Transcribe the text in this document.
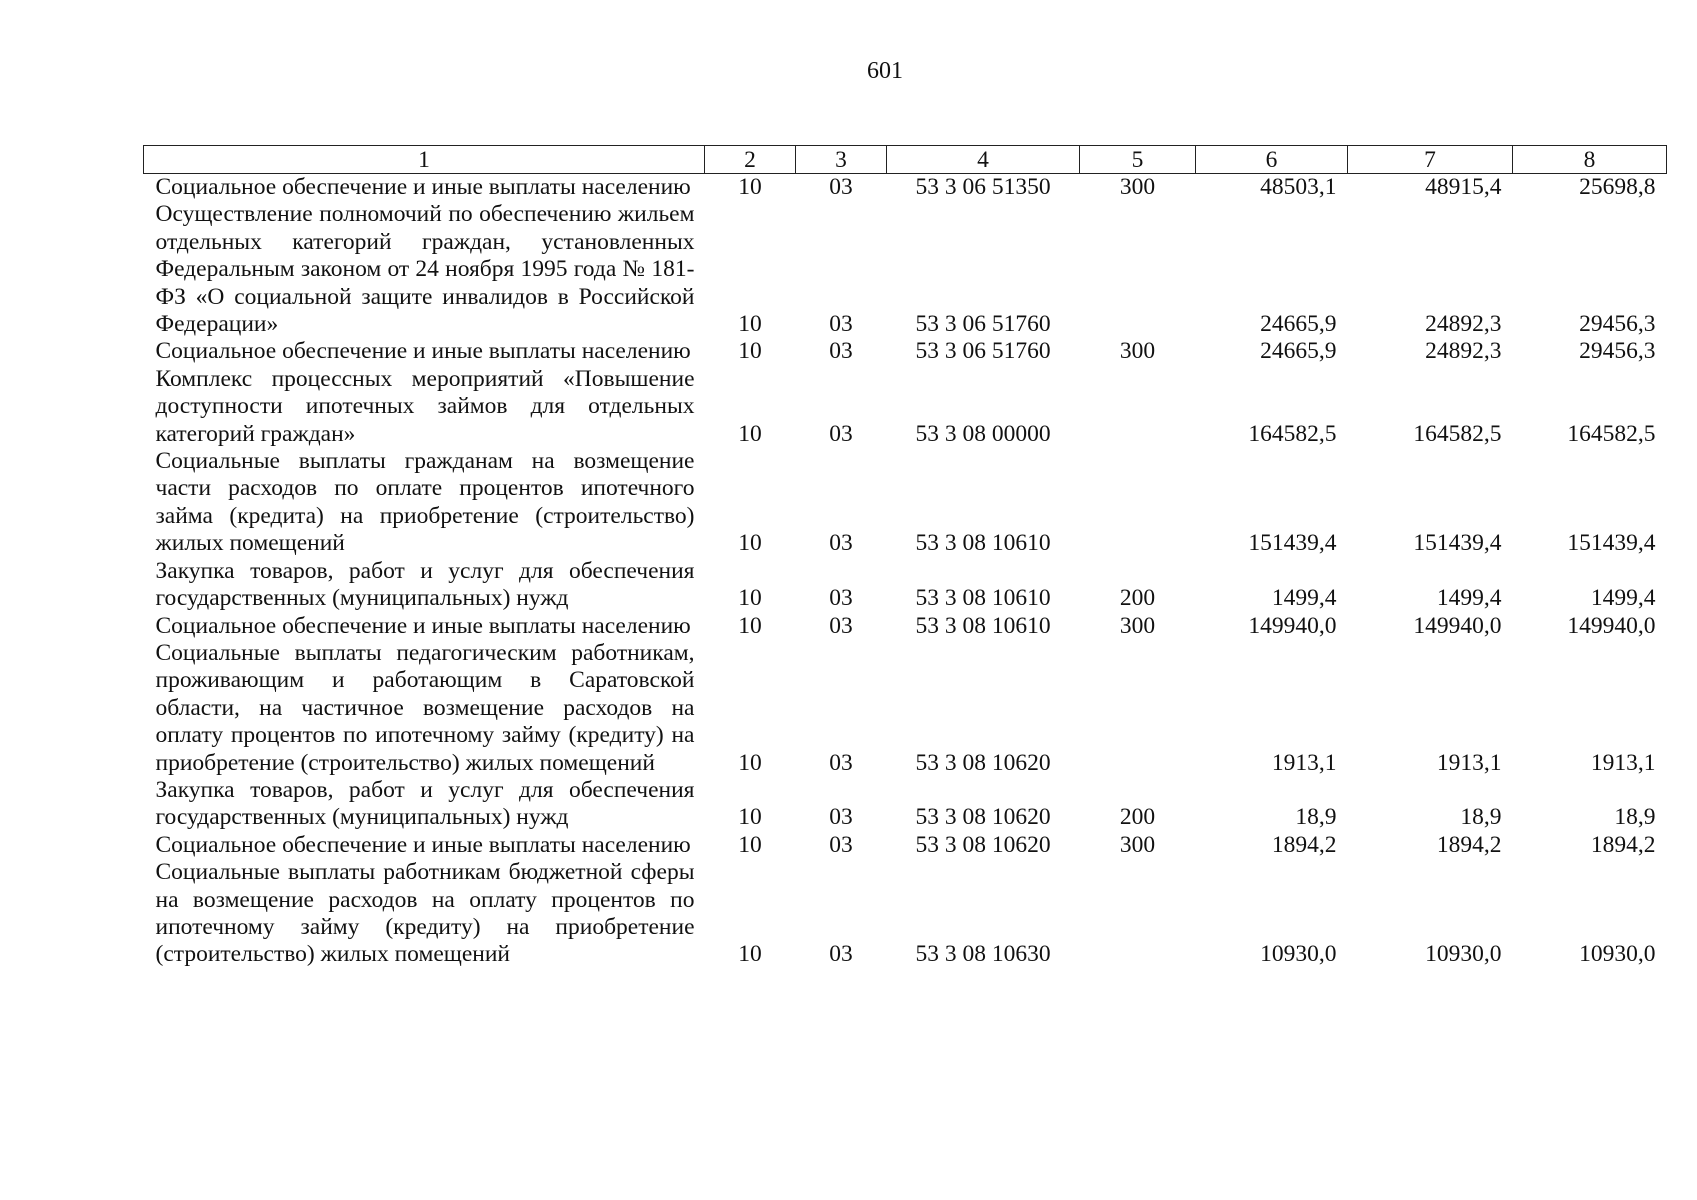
601
1	2	3	4	5	6	7	8
Социальное обеспечение и иные выплаты населению	10	03	53 3 06 51350	300	48503,1	48915,4	25698,8
Осуществление полномочий по обеспечению жильем отдельных категорий граждан, установленных Федеральным законом от 24 ноября 1995 года № 181-ФЗ «О социальной защите инвалидов в Российской Федерации»	10	03	53 3 06 51760		24665,9	24892,3	29456,3
Социальное обеспечение и иные выплаты населению	10	03	53 3 06 51760	300	24665,9	24892,3	29456,3
Комплекс процессных мероприятий «Повышение доступности ипотечных займов для отдельных категорий граждан»	10	03	53 3 08 00000		164582,5	164582,5	164582,5
Социальные выплаты гражданам на возмещение части расходов по оплате процентов ипотечного займа (кредита) на приобретение (строительство) жилых помещений	10	03	53 3 08 10610		151439,4	151439,4	151439,4
Закупка товаров, работ и услуг для обеспечения государственных (муниципальных) нужд	10	03	53 3 08 10610	200	1499,4	1499,4	1499,4
Социальное обеспечение и иные выплаты населению	10	03	53 3 08 10610	300	149940,0	149940,0	149940,0
Социальные выплаты педагогическим работникам, проживающим и работающим в Саратовской области, на частичное возмещение расходов на оплату процентов по ипотечному займу (кредиту) на приобретение (строительство) жилых помещений	10	03	53 3 08 10620		1913,1	1913,1	1913,1
Закупка товаров, работ и услуг для обеспечения государственных (муниципальных) нужд	10	03	53 3 08 10620	200	18,9	18,9	18,9
Социальное обеспечение и иные выплаты населению	10	03	53 3 08 10620	300	1894,2	1894,2	1894,2
Социальные выплаты работникам бюджетной сферы на возмещение расходов на оплату процентов по ипотечному займу (кредиту) на приобретение (строительство) жилых помещений	10	03	53 3 08 10630		10930,0	10930,0	10930,0
